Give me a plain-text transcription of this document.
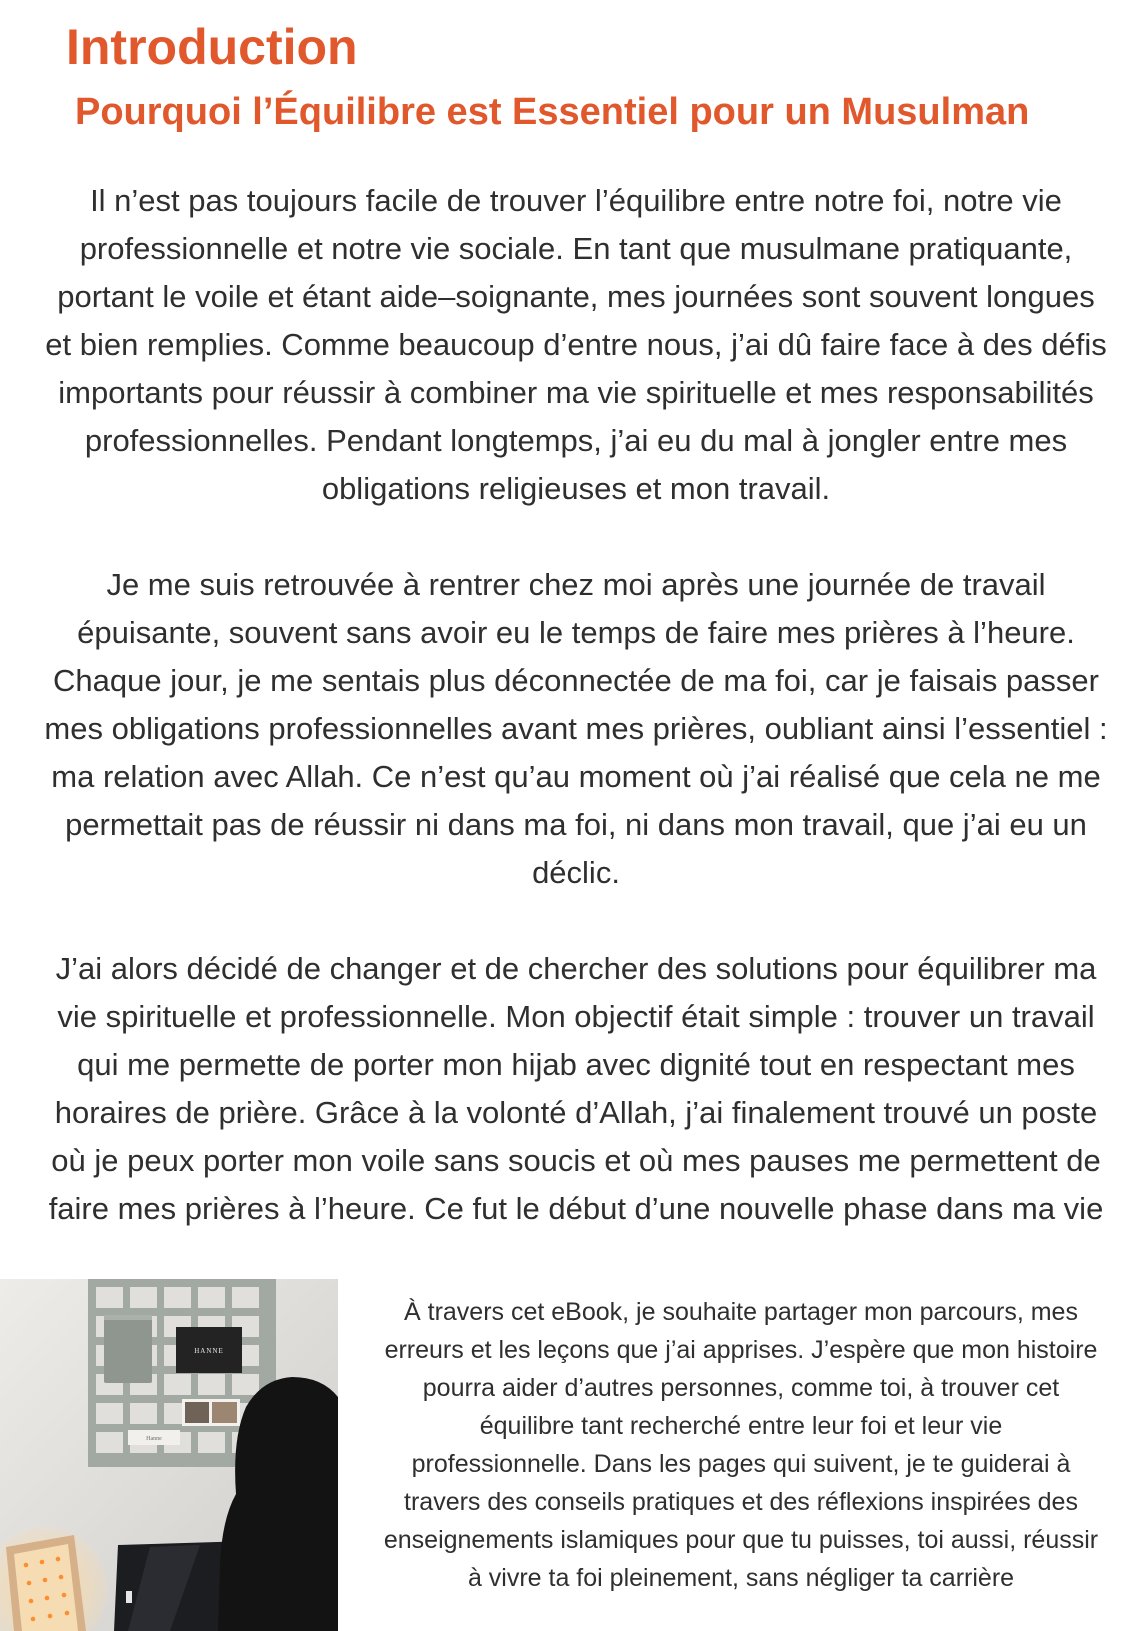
Introduction
Pourquoi l’Équilibre est Essentiel pour un Musulman

Il n’est pas toujours facile de trouver l’équilibre entre notre foi, notre vie
professionnelle et notre vie sociale. En tant que musulmane pratiquante,
portant le voile et étant aide–soignante, mes journées sont souvent longues
et bien remplies. Comme beaucoup d’entre nous, j’ai dû faire face à des défis
importants pour réussir à combiner ma vie spirituelle et mes responsabilités
professionnelles. Pendant longtemps, j’ai eu du mal à jongler entre mes
obligations religieuses et mon travail.

Je me suis retrouvée à rentrer chez moi après une journée de travail
épuisante, souvent sans avoir eu le temps de faire mes prières à l’heure.
Chaque jour, je me sentais plus déconnectée de ma foi, car je faisais passer
mes obligations professionnelles avant mes prières, oubliant ainsi l’essentiel :
ma relation avec Allah. Ce n’est qu’au moment où j’ai réalisé que cela ne me
permettait pas de réussir ni dans ma foi, ni dans mon travail, que j’ai eu un
déclic.

J’ai alors décidé de changer et de chercher des solutions pour équilibrer ma
vie spirituelle et professionnelle. Mon objectif était simple : trouver un travail
qui me permette de porter mon hijab avec dignité tout en respectant mes
horaires de prière. Grâce à la volonté d’Allah, j’ai finalement trouvé un poste
où je peux porter mon voile sans soucis et où mes pauses me permettent de
faire mes prières à l’heure. Ce fut le début d’une nouvelle phase dans ma vie

HANNE
Hanne
À travers cet eBook, je souhaite partager mon parcours, mes
erreurs et les leçons que j’ai apprises. J’espère que mon histoire
pourra aider d’autres personnes, comme toi, à trouver cet
équilibre tant recherché entre leur foi et leur vie
professionnelle. Dans les pages qui suivent, je te guiderai à
travers des conseils pratiques et des réflexions inspirées des
enseignements islamiques pour que tu puisses, toi aussi, réussir
à vivre ta foi pleinement, sans négliger ta carrière
